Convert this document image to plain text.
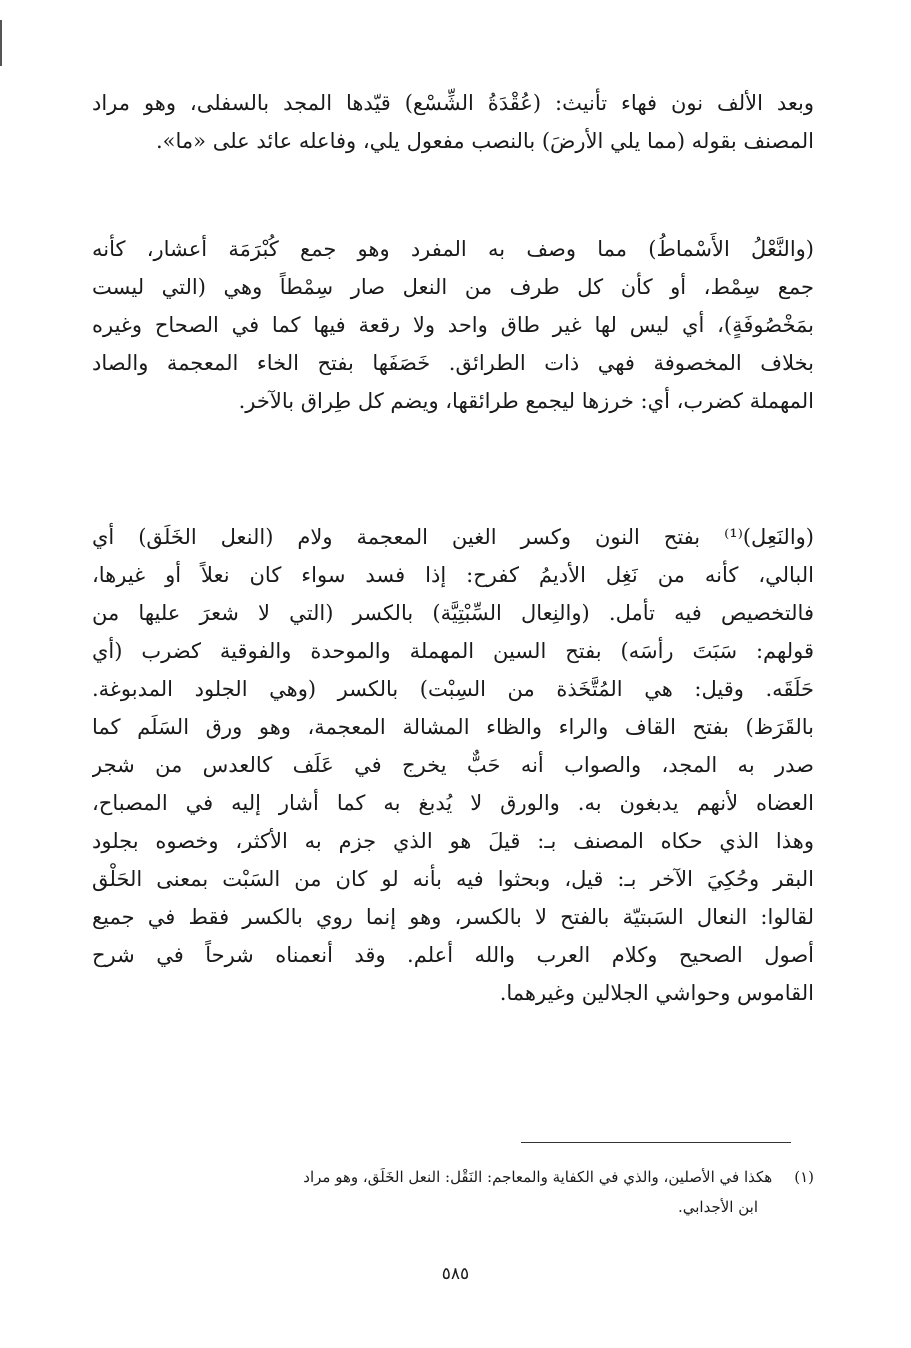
وبعد الألف نون فهاء تأنيث: (عُقْدَةُ الشِّسْع) قيّدها المجد بالسفلى، وهو مراد
المصنف بقوله (مما يلي الأرضَ) بالنصب مفعول يلي، وفاعله عائد على «ما».
(والنَّعْلُ الأَسْماطُ) مما وصف به المفرد وهو جمع كُبْرَمَة أعشار، كأنه
جمع سِمْط، أو كأن كل طرف من النعل صار سِمْطاً وهي (التي ليست
بمَخْصُوفَةٍ)، أي ليس لها غير طاق واحد ولا رقعة فيها كما في الصحاح وغيره
بخلاف المخصوفة فهي ذات الطرائق. خَصَفَها بفتح الخاء المعجمة والصاد
المهملة كضرب، أي: خرزها ليجمع طرائقها، ويضم كل طِراق بالآخر.
(والنَعِل)⁽¹⁾ بفتح النون وكسر الغين المعجمة ولام (النعل الخَلَق) أي
البالي، كأنه من نَغِل الأديمُ كفرح: إذا فسد سواء كان نعلاً أو غيرها،
فالتخصيص فيه تأمل. (والنِعال السِّبْتِيَّة) بالكسر (التي لا شعرَ عليها من
قولهم: سَبَتَ رأسَه) بفتح السين المهملة والموحدة والفوقية كضرب (أي
حَلَقَه. وقيل: هي المُتَّخَذة من السِبْت) بالكسر (وهي الجلود المدبوغة.
بالقَرَظ) بفتح القاف والراء والظاء المشالة المعجمة، وهو ورق السَلَم كما
صدر به المجد، والصواب أنه حَبٌّ يخرج في عَلَف كالعدس من شجر
العضاه لأنهم يدبغون به. والورق لا يُدبغ به كما أشار إليه في المصباح،
وهذا الذي حكاه المصنف بـ: قيلَ هو الذي جزم به الأكثر، وخصوه بجلود
البقر وحُكِيَ الآخر بـ: قيل، وبحثوا فيه بأنه لو كان من السَبْت بمعنى الحَلْق
لقالوا: النعال السَبتيّة بالفتح لا بالكسر، وهو إنما روي بالكسر فقط في جميع
أصول الصحيح وكلام العرب والله أعلم. وقد أنعمناه شرحاً في شرح
القاموس وحواشي الجلالين وغيرهما.
(١)هكذا في الأصلين، والذي في الكفاية والمعاجم: النَقْل: النعل الخَلَق، وهو مراد
ابن الأجدابي.
٥٨٥
